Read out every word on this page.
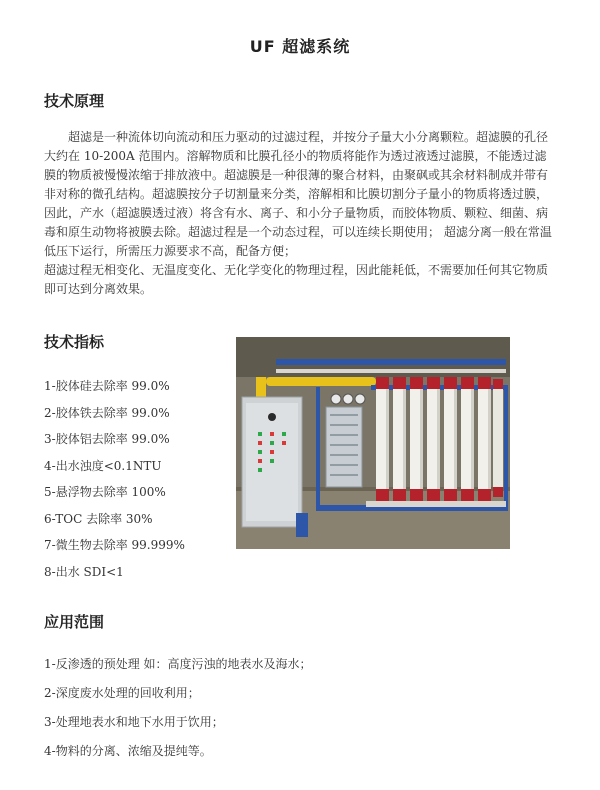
UF 超滤系统
技术原理

超滤是一种流体切向流动和压力驱动的过滤过程，并按分子量大小分离颗粒。超滤膜的孔径大约在 10-200A 范围内。溶解物质和比膜孔径小的物质将能作为透过液透过滤膜，不能透过滤膜的物质被慢慢浓缩于排放液中。超滤膜是一种很薄的聚合材料，由聚砜或其余材料制成并带有非对称的微孔结构。超滤膜按分子切割量来分类，溶解相和比膜切割分子量小的物质将透过膜，因此，产水（超滤膜透过液）将含有水、离子、和小分子量物质，而胶体物质、颗粒、细菌、病毒和原生动物将被膜去除。超滤过程是一个动态过程，可以连续长期使用； 超滤分离一般在常温低压下运行，所需压力源要求不高，配备方便；

超滤过程无相变化、无温度变化、无化学变化的物理过程，因此能耗低，不需要加任何其它物质即可达到分离效果。

技术指标
1-胶体硅去除率 99.0%
2-胶体铁去除率 99.0%
3-胶体铝去除率 99.0%
4-出水浊度<0.1NTU
5-悬浮物去除率 100%
6-TOC 去除率 30%
7-微生物去除率 99.999%
8-出水 SDI<1
应用范围
1-反渗透的预处理 如：高度污浊的地表水及海水；
2-深度废水处理的回收利用；
3-处理地表水和地下水用于饮用；
4-物料的分离、浓缩及提纯等。
